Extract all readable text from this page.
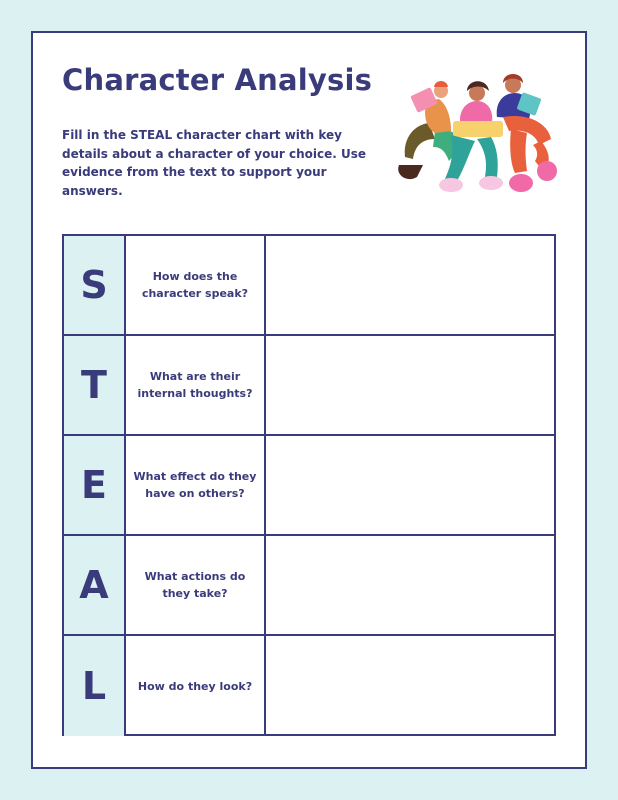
Character Analysis

Fill in the STEAL character chart with key details about a character of your choice. Use evidence from the text to support your answers.

S	How does the character speak?
T	What are their internal thoughts?
E What effect do they have on others?
A	What actions do they take?
L	How do they look?
